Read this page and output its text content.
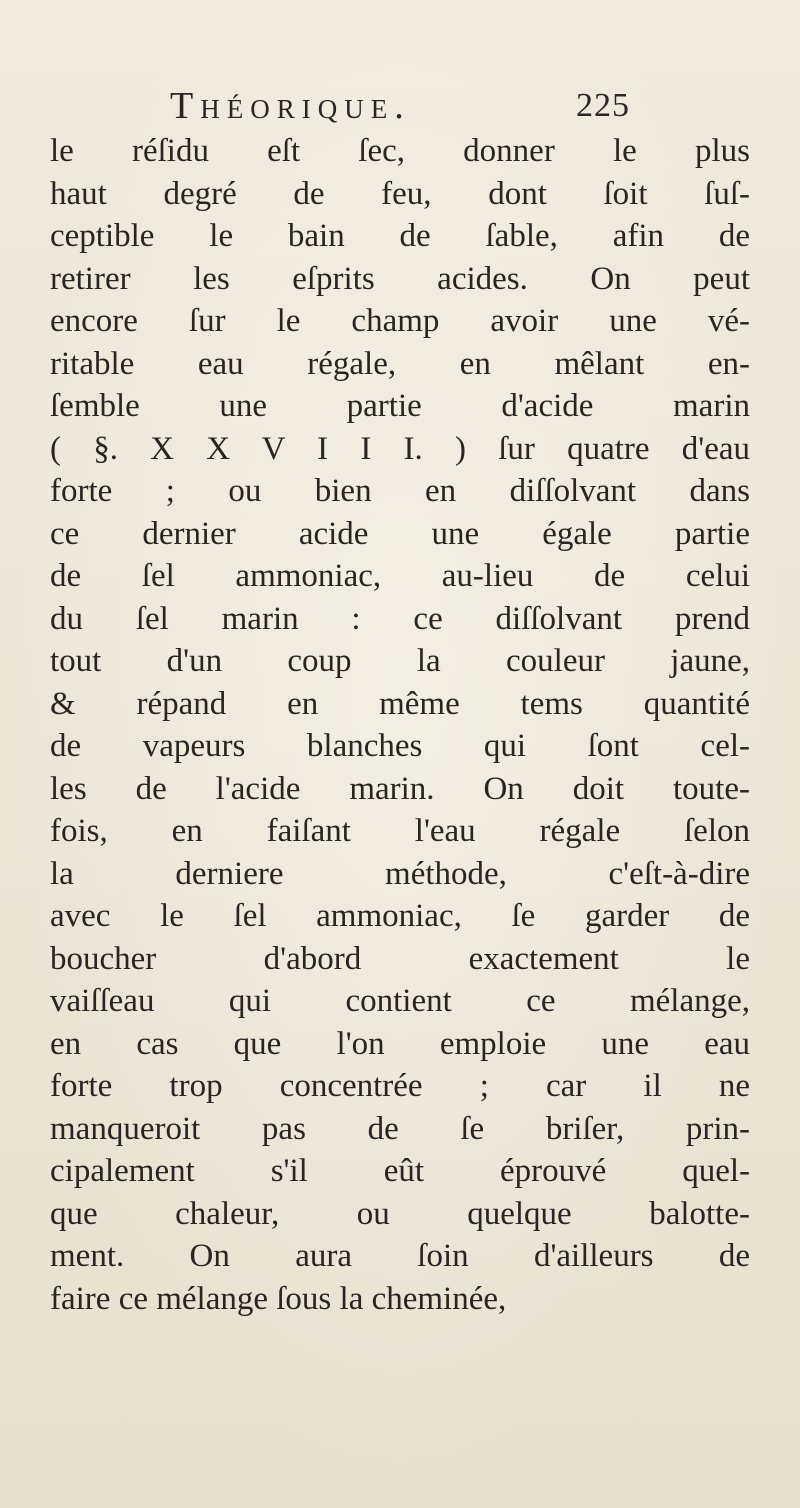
Théorique.	225
le réſidu eſt ſec, donner le plus
haut degré de feu, dont ſoit ſuſ-
ceptible le bain de ſable, afin de
retirer les eſprits acides. On peut
encore ſur le champ avoir une vé-
ritable eau régale, en mêlant en-
ſemble une partie d'acide marin
( §. X X V I I I. ) ſur quatre d'eau
forte ; ou bien en diſſolvant dans
ce dernier acide une égale partie
de ſel ammoniac, au-lieu de celui
du ſel marin : ce diſſolvant prend
tout d'un coup la couleur jaune,
& répand en même tems quantité
de vapeurs blanches qui ſont cel-
les de l'acide marin. On doit toute-
fois, en faiſant l'eau régale ſelon
la derniere méthode, c'eſt-à-dire
avec le ſel ammoniac, ſe garder de
boucher d'abord exactement le
vaiſſeau qui contient ce mélange,
en cas que l'on emploie une eau
forte trop concentrée ; car il ne
manqueroit pas de ſe briſer, prin-
cipalement s'il eût éprouvé quel-
que chaleur, ou quelque balotte-
ment. On aura ſoin d'ailleurs de
faire ce mélange ſous la cheminée,
